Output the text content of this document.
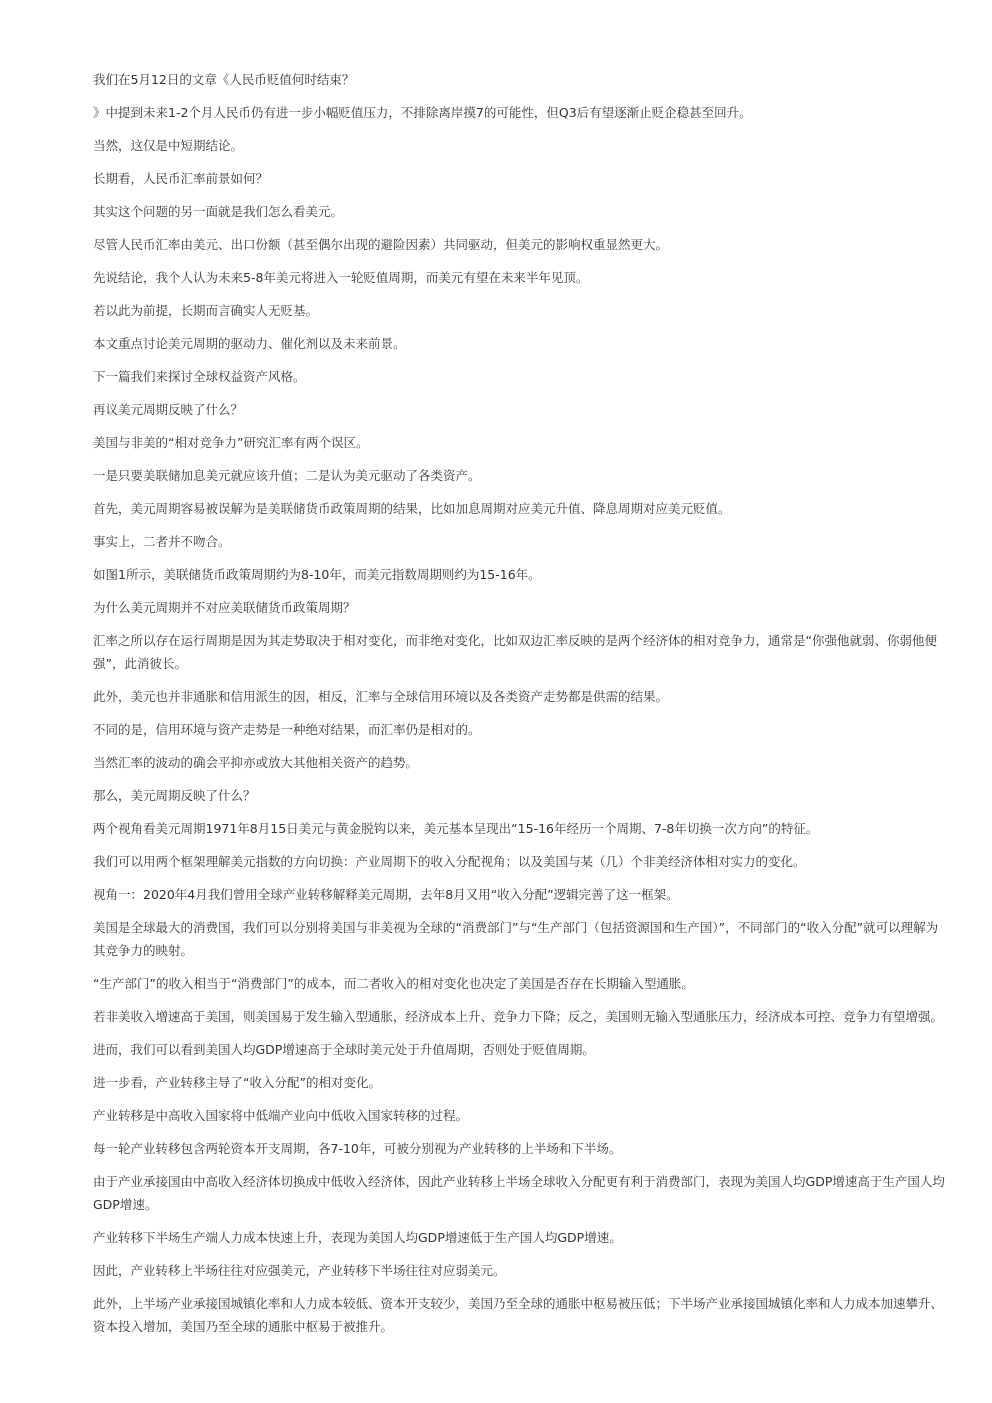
我们在5月12日的文章《人民币贬值何时结束？

》中提到未来1-2个月人民币仍有进一步小幅贬值压力，不排除离岸摸7的可能性，但Q3后有望逐渐止贬企稳甚至回升。

当然，这仅是中短期结论。

长期看，人民币汇率前景如何？

其实这个问题的另一面就是我们怎么看美元。

尽管人民币汇率由美元、出口份额（甚至偶尔出现的避险因素）共同驱动，但美元的影响权重显然更大。

先说结论，我个人认为未来5-8年美元将进入一轮贬值周期，而美元有望在未来半年见顶。

若以此为前提，长期而言确实人无贬基。

本文重点讨论美元周期的驱动力、催化剂以及未来前景。

下一篇我们来探讨全球权益资产风格。

再议美元周期反映了什么？

美国与非美的“相对竞争力”研究汇率有两个误区。

一是只要美联储加息美元就应该升值；二是认为美元驱动了各类资产。

首先，美元周期容易被误解为是美联储货币政策周期的结果，比如加息周期对应美元升值、降息周期对应美元贬值。

事实上，二者并不吻合。

如图1所示，美联储货币政策周期约为8-10年，而美元指数周期则约为15-16年。

为什么美元周期并不对应美联储货币政策周期？

汇率之所以存在运行周期是因为其走势取决于相对变化，而非绝对变化，比如双边汇率反映的是两个经济体的相对竞争力，通常是“你强他就弱、你弱他便强”，此消彼长。

此外，美元也并非通胀和信用派生的因，相反，汇率与全球信用环境以及各类资产走势都是供需的结果。

不同的是，信用环境与资产走势是一种绝对结果，而汇率仍是相对的。

当然汇率的波动的确会平抑亦或放大其他相关资产的趋势。

那么，美元周期反映了什么？

两个视角看美元周期1971年8月15日美元与黄金脱钩以来，美元基本呈现出“15-16年经历一个周期、7-8年切换一次方向”的特征。

我们可以用两个框架理解美元指数的方向切换：产业周期下的收入分配视角；以及美国与某（几）个非美经济体相对实力的变化。

视角一：2020年4月我们曾用全球产业转移解释美元周期，去年8月又用“收入分配”逻辑完善了这一框架。

美国是全球最大的消费国，我们可以分别将美国与非美视为全球的“消费部门”与“生产部门（包括资源国和生产国）”，不同部门的“收入分配”就可以理解为其竞争力的映射。

“生产部门”的收入相当于“消费部门”的成本，而二者收入的相对变化也决定了美国是否存在长期输入型通胀。

若非美收入增速高于美国，则美国易于发生输入型通胀，经济成本上升、竞争力下降；反之，美国则无输入型通胀压力，经济成本可控、竞争力有望增强。

进而，我们可以看到美国人均GDP增速高于全球时美元处于升值周期，否则处于贬值周期。

进一步看，产业转移主导了“收入分配”的相对变化。

产业转移是中高收入国家将中低端产业向中低收入国家转移的过程。

每一轮产业转移包含两轮资本开支周期，各7-10年，可被分别视为产业转移的上半场和下半场。

由于产业承接国由中高收入经济体切换成中低收入经济体，因此产业转移上半场全球收入分配更有利于消费部门，表现为美国人均GDP增速高于生产国人均GDP增速。

产业转移下半场生产端人力成本快速上升，表现为美国人均GDP增速低于生产国人均GDP增速。

因此，产业转移上半场往往对应强美元，产业转移下半场往往对应弱美元。

此外，上半场产业承接国城镇化率和人力成本较低、资本开支较少，美国乃至全球的通胀中枢易被压低；下半场产业承接国城镇化率和人力成本加速攀升、资本投入增加，美国乃至全球的通胀中枢易于被推升。
